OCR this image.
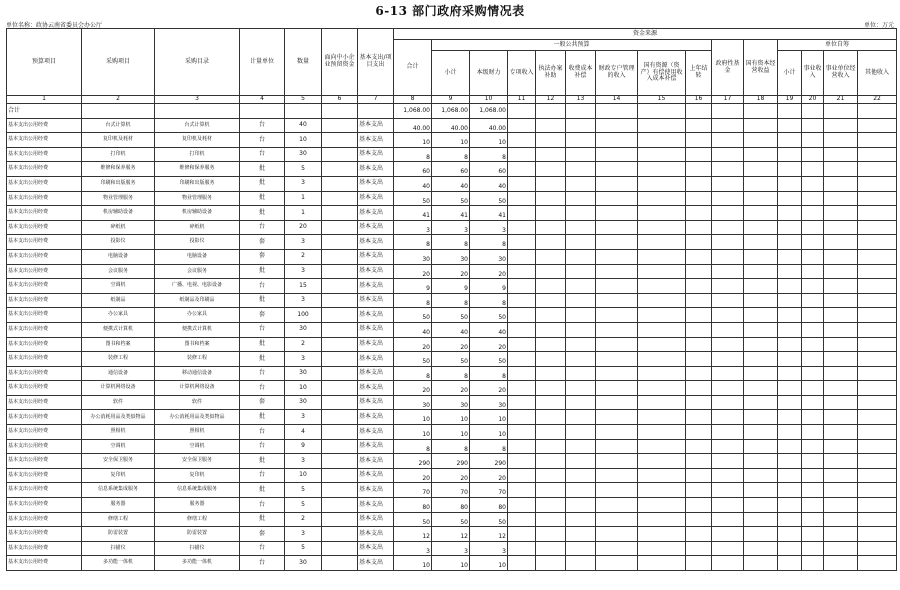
6-13 部门政府采购情况表
单位名称：政协云南省委员会办公厅	单位：万元
预算项目	采购项目	采购目录	计量单位	数量	面向中小企业预留资金	基本支出/项目支出	资金来源														
							合计	一般公共预算								政府性基金	国有资本经营收益	单位自筹			
								小计	本级财力	专项收入	执法办案补助	收费成本补偿	财政专户管理的收入	国有资源（资产）有偿使用收入成本补偿	上年结转			小计	事业收入	事业单位经营收入	其他收入
1	2	3	4	5	6	7	8	9	10	11	12	13	14	15	16	17	18	19	20	21	22
合计							1,068.00	1,068.00	1,068.00												
基本支出公用经费	台式计算机	台式计算机	台	40		基本支出	40.00	40.00	40.00												
基本支出公用经费	复印机及耗材	复印机及耗材	台	10		基本支出	10	10	10												
基本支出公用经费	打印机	打印机	台	30		基本支出	8	8	8												
基本支出公用经费	维修和保养服务	维修和保养服务	批	5		基本支出	60	60	60												
基本支出公用经费	印刷和出版服务	印刷和出版服务	批	3		基本支出	40	40	40												
基本支出公用经费	物业管理服务	物业管理服务	批	1		基本支出	50	50	50												
基本支出公用经费	机房辅助设备	机房辅助设备	批	1		基本支出	41	41	41												
基本支出公用经费	碎纸机	碎纸机	台	20		基本支出	3	3	3												
基本支出公用经费	投影仪	投影仪	套	3		基本支出	8	8	8												
基本支出公用经费	电脑设备	电脑设备	套	2		基本支出	30	30	30												
基本支出公用经费	会议服务	会议服务	批	3		基本支出	20	20	20												
基本支出公用经费	空调机	广播、电视、电影设备	台	15		基本支出	9	9	9												
基本支出公用经费	纸制品	纸制品及印刷品	批	3		基本支出	8	8	8												
基本支出公用经费	办公家具	办公家具	套	100		基本支出	50	50	50												
基本支出公用经费	便携式计算机	便携式计算机	台	30		基本支出	40	40	40												
基本支出公用经费	图书和档案	图书和档案	批	2		基本支出	20	20	20												
基本支出公用经费	装修工程	装修工程	批	3		基本支出	50	50	50												
基本支出公用经费	通信设备	移动通信设备	台	30		基本支出	8	8	8												
基本支出公用经费	计算机网络设备	计算机网络设备	台	10		基本支出	20	20	20												
基本支出公用经费	软件	软件	套	30		基本支出	30	30	30												
基本支出公用经费	办公消耗用品及类似物品	办公消耗用品及类似物品	批	3		基本支出	10	10	10												
基本支出公用经费	照相机	照相机	台	4		基本支出	10	10	10												
基本支出公用经费	空调机	空调机	台	9		基本支出	8	8	8												
基本支出公用经费	安全保卫服务	安全保卫服务	批	3		基本支出	290	290	290												
基本支出公用经费	复印机	复印机	台	10		基本支出	20	20	20												
基本支出公用经费	信息系统集成服务	信息系统集成服务	批	5		基本支出	70	70	70												
基本支出公用经费	服务器	服务器	台	5		基本支出	80	80	80												
基本支出公用经费	修缮工程	修缮工程	批	2		基本支出	50	50	50												
基本支出公用经费	防雷装置	防雷装置	套	3		基本支出	12	12	12												
基本支出公用经费	扫描仪	扫描仪	台	5		基本支出	3	3	3												
基本支出公用经费	多功能一体机	多功能一体机	台	30		基本支出	10	10	10												
